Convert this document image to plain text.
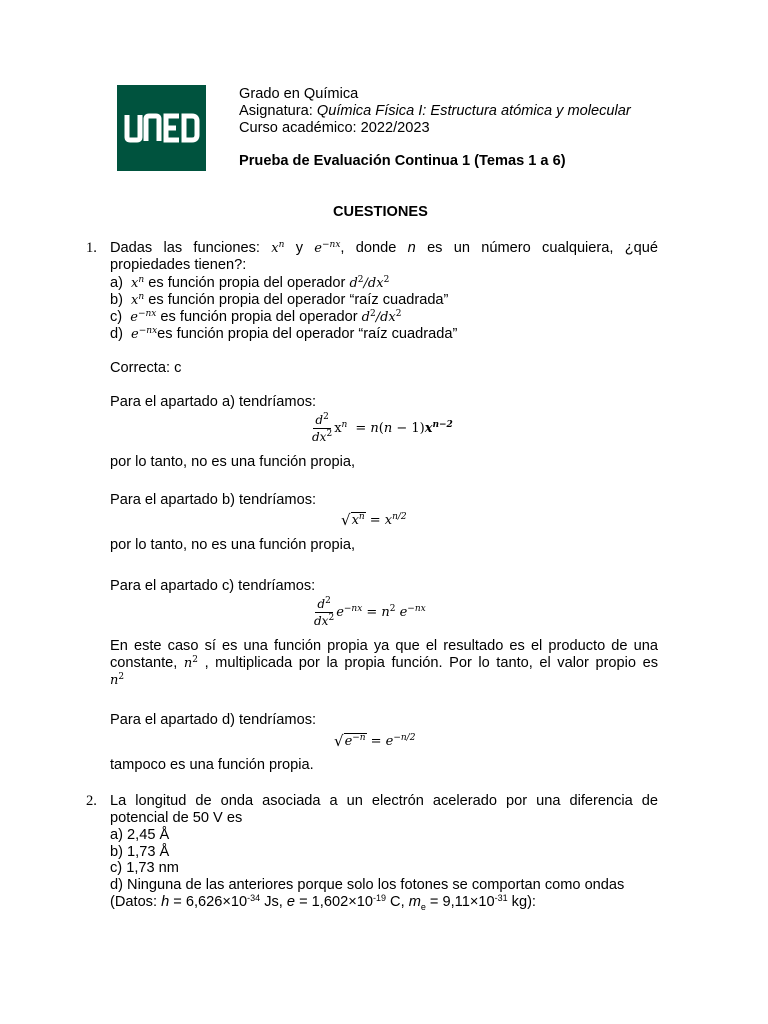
Grado en Química
Asignatura: Química Física I: Estructura atómica y molecular
Curso académico: 2022/2023
Prueba de Evaluación Continua 1 (Temas 1 a 6)
CUESTIONES
1. Dadas las funciones: $x^n$ y $e^{-nx}$, donde n es un número cualquiera, ¿qué
propiedades tienen?:
a) $x^n$ es función propia del operador $d^2/dx^2$
b) $x^n$ es función propia del operador “raíz cuadrada”
c) $e^{-nx}$ es función propia del operador $d^2/dx^2$
d) $e^{-nx}es$ función propia del operador “raíz cuadrada”
Correcta: c
Para el apartado a) tendríamos:
$\frac{d^2}{dx^2} x^n = n(n - 1)x^{n-2}$
por lo tanto, no es una función propia,
Para el apartado b) tendríamos:
√ $x^n = x^{n/2}$
por lo tanto, no es una función propia,
Para el apartado c) tendríamos:
$\frac{d^2}{dx^2} e^{-nx} = n^2$ $e^{-nx}$
En este caso sí es una función propia ya que el resultado es el producto de una
constante, $n^2$ , multiplicada por la propia función. Por lo tanto, el valor propio es
$n^2$
Para el apartado d) tendríamos:
√ $e^{-n} = e^{-n/2}$
tampoco es una función propia.
2. La longitud de onda asociada a un electrón acelerado por una diferencia de
potencial de 50 V es
a) 2,45 Å
b) 1,73 Å
c) 1,73 nm
d) Ninguna de las anteriores porque solo los fotones se comportan como ondas
(Datos: $h = 6,626\times 10^{-34}$ Js, $e = 1,602\times 10^{-19}$ C, $m_e = 9,11\times 10^{-31}$ kg):
